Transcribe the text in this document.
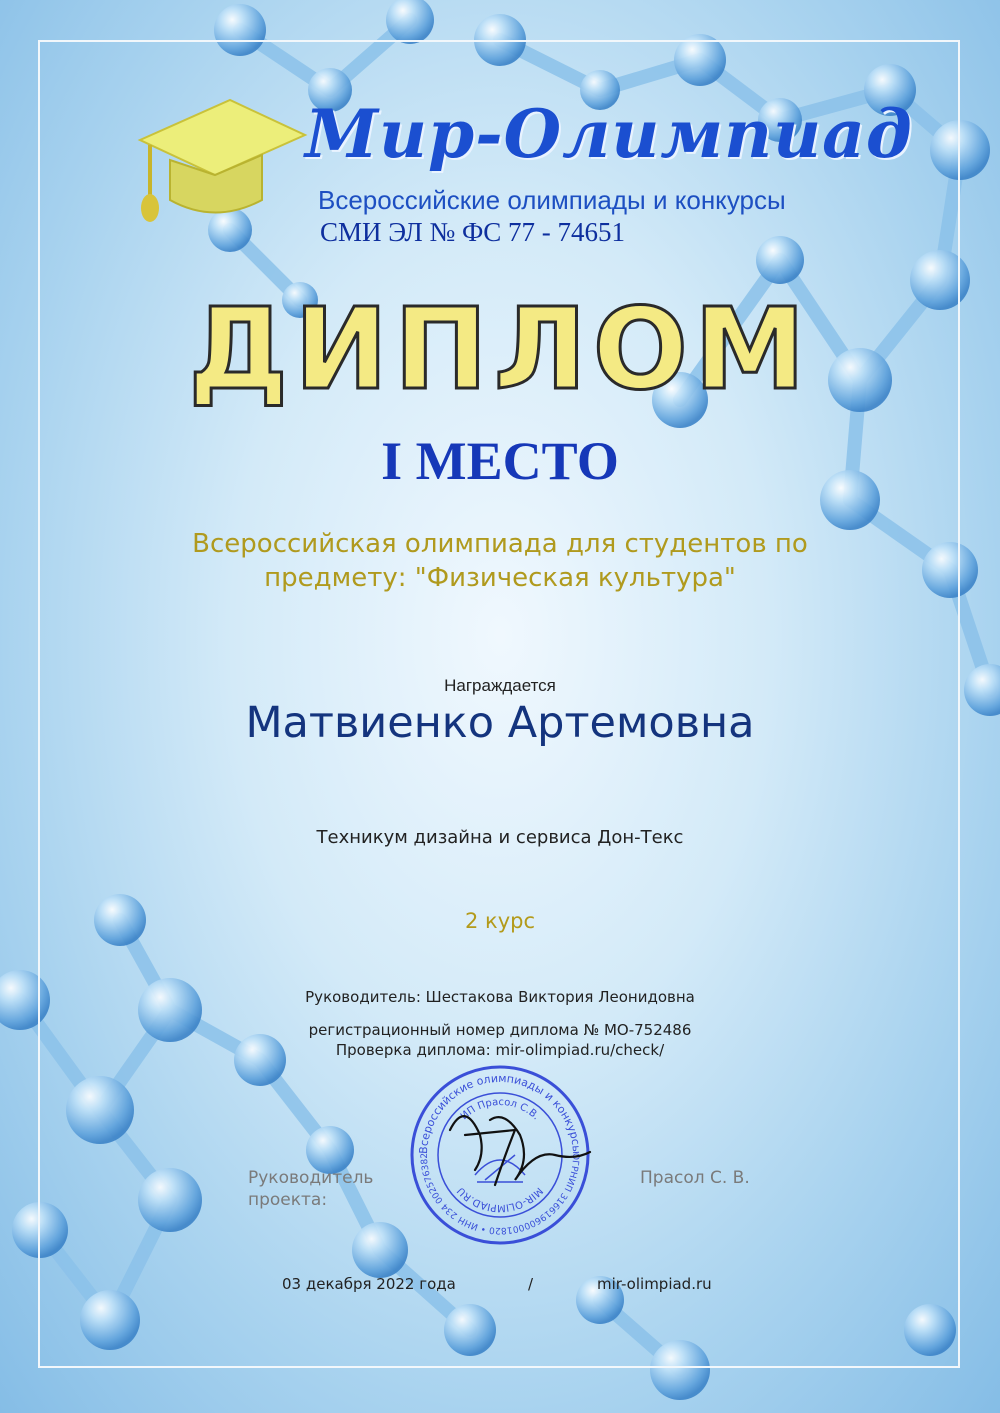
Мир-Олимпиад
Всероссийские олимпиады и конкурсы
СМИ ЭЛ № ФС 77 - 74651
ДИПЛОМ
I МЕСТО
Всероссийская олимпиада для студентов по
предмету: "Физическая культура"
Награждается
Матвиенко Артемовна
Техникум дизайна и сервиса Дон-Текс
2 курс
Руководитель: Шестакова Виктория Леонидовна
регистрационный номер диплома № МО-752486
Проверка диплома: mir-olimpiad.ru/check/
Руководитель
проекта:
Прасол С. В.
Всероссийские олимпиады и конкурсы
ОГРНИП 316619600001820 • ИНН 234 002576382
ИП Прасол С.В.
MIR-OLIMPIAD.RU
03 декабря 2022 года	/	mir-olimpiad.ru
